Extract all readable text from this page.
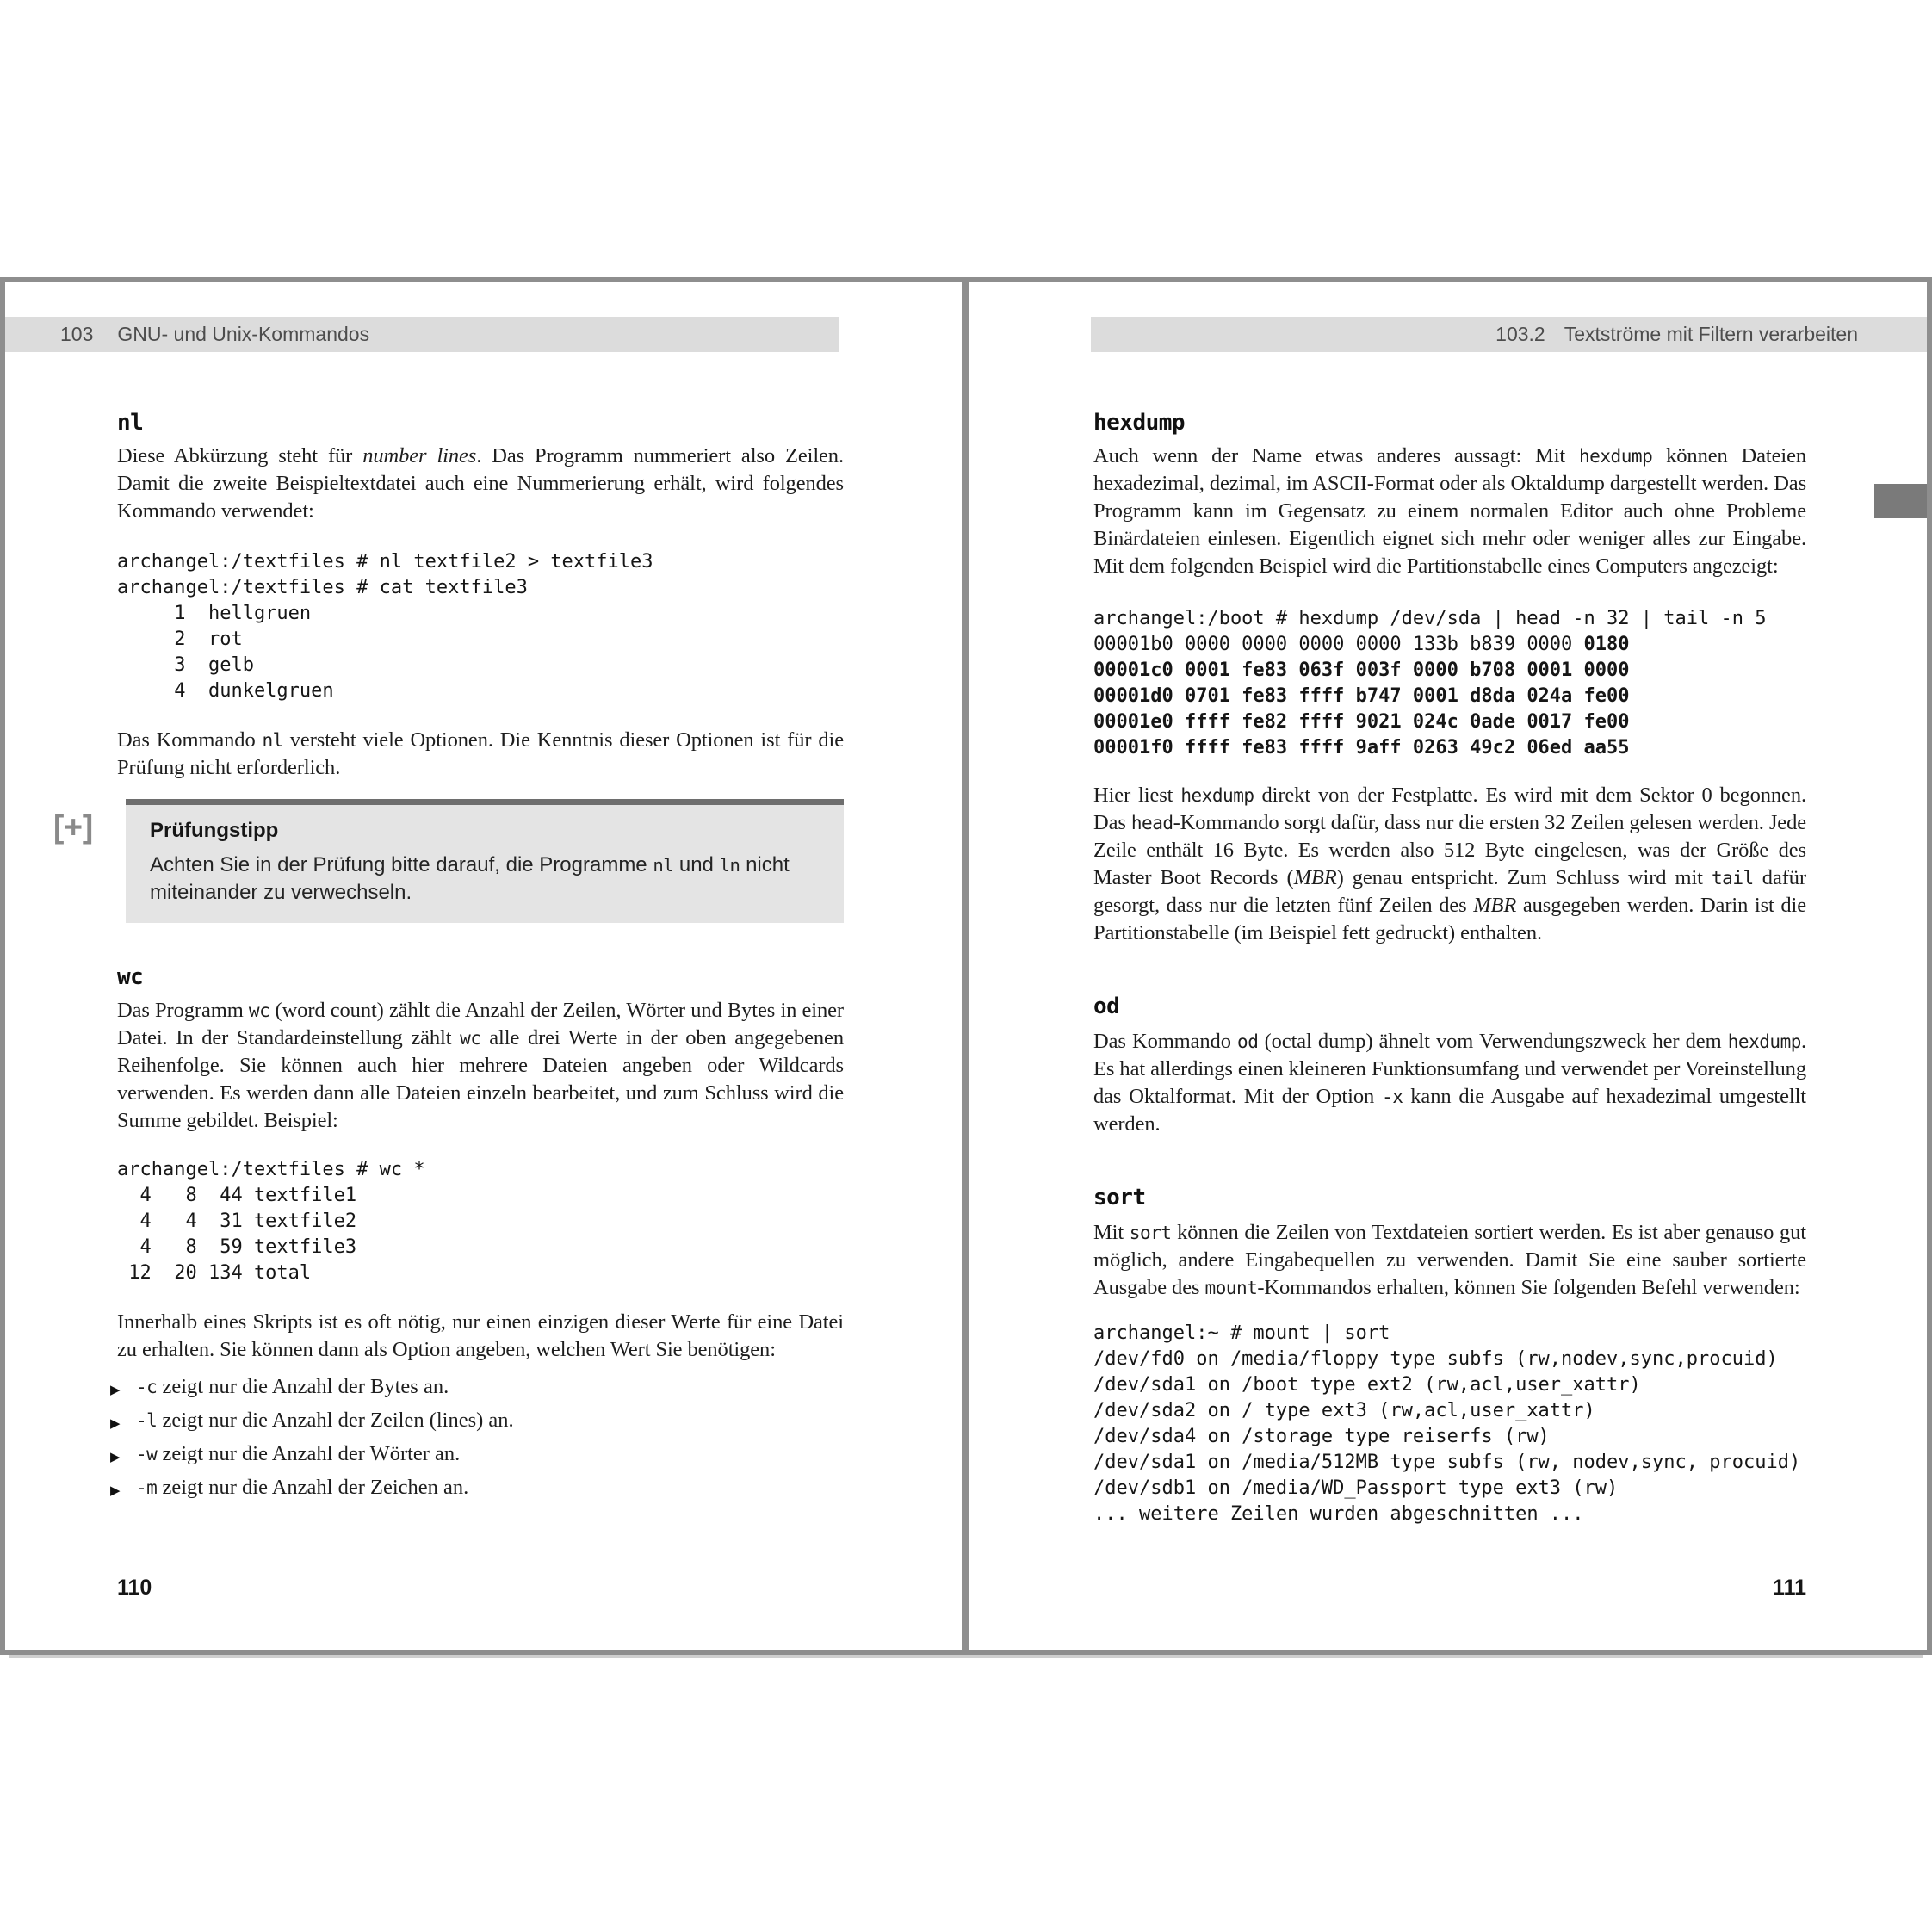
103 GNU- und Unix-Kommandos
nl

Diese Abkürzung steht für number lines. Das Programm nummeriert also Zeilen. Damit die zweite Beispieltextdatei auch eine Nummerierung erhält, wird folgendes Kommando verwendet:

archangel:/textfiles # nl textfile2 > textfile3
archangel:/textfiles # cat textfile3
1  hellgruen
2  rot
3  gelb
4  dunkelgruen

Das Kommando nl versteht viele Optionen. Die Kenntnis dieser Optionen ist für die Prüfung nicht erforderlich.

[+]	Prüfungstipp

Achten Sie in der Prüfung bitte darauf, die Programme nl und ln nicht miteinander zu verwechseln.

wc

Das Programm wc (word count) zählt die Anzahl der Zeilen, Wörter und Bytes in einer Datei. In der Standardeinstellung zählt wc alle drei Werte in der oben angegebenen Reihenfolge. Sie können auch hier mehrere Dateien angeben oder Wildcards verwenden. Es werden dann alle Dateien einzeln bearbeitet, und zum Schluss wird die Summe gebildet. Beispiel:

archangel:/textfiles # wc *
4   8  44 textfile1
4   4  31 textfile2
4   8  59 textfile3
12  20 134 total

Innerhalb eines Skripts ist es oft nötig, nur einen einzigen dieser Werte für eine Datei zu erhalten. Sie können dann als Option angeben, welchen Wert Sie benötigen:

▶ -c zeigt nur die Anzahl der Bytes an.
▶ -l zeigt nur die Anzahl der Zeilen (lines) an.
▶ -w zeigt nur die Anzahl der Wörter an.
▶ -m zeigt nur die Anzahl der Zeichen an.
110
103.2 Textströme mit Filtern verarbeiten
hexdump

Auch wenn der Name etwas anderes aussagt: Mit hexdump können Dateien hexadezimal, dezimal, im ASCII-Format oder als Oktaldump dargestellt werden. Das Programm kann im Gegensatz zu einem normalen Editor auch ohne Probleme Binärdateien einlesen. Eigentlich eignet sich mehr oder weniger alles zur Eingabe. Mit dem folgenden Beispiel wird die Partitionstabelle eines Computers angezeigt:

archangel:/boot # hexdump /dev/sda | head -n 32 | tail -n 5
00001b0 0000 0000 0000 0000 133b b839 0000 0180
00001c0 0001 fe83 063f 003f 0000 b708 0001 0000
00001d0 0701 fe83 ffff b747 0001 d8da 024a fe00
00001e0 ffff fe82 ffff 9021 024c 0ade 0017 fe00
00001f0 ffff fe83 ffff 9aff 0263 49c2 06ed aa55

Hier liest hexdump direkt von der Festplatte. Es wird mit dem Sektor 0 begonnen. Das head-Kommando sorgt dafür, dass nur die ersten 32 Zeilen gelesen werden. Jede Zeile enthält 16 Byte. Es werden also 512 Byte eingelesen, was der Größe des Master Boot Records (MBR) genau entspricht. Zum Schluss wird mit tail dafür gesorgt, dass nur die letzten fünf Zeilen des MBR ausgegeben werden. Darin ist die Partitionstabelle (im Beispiel fett gedruckt) enthalten.

od

Das Kommando od (octal dump) ähnelt vom Verwendungszweck her dem hexdump. Es hat allerdings einen kleineren Funktionsumfang und verwendet per Voreinstellung das Oktalformat. Mit der Option -x kann die Ausgabe auf hexadezimal umgestellt werden.

sort

Mit sort können die Zeilen von Textdateien sortiert werden. Es ist aber genauso gut möglich, andere Eingabequellen zu verwenden. Damit Sie eine sauber sortierte Ausgabe des mount-Kommandos erhalten, können Sie folgenden Befehl verwenden:

archangel:~ # mount | sort
/dev/fd0 on /media/floppy type subfs (rw,nodev,sync,procuid)
/dev/sda1 on /boot type ext2 (rw,acl,user_xattr)
/dev/sda2 on / type ext3 (rw,acl,user_xattr)
/dev/sda4 on /storage type reiserfs (rw)
/dev/sda1 on /media/512MB type subfs (rw, nodev,sync, procuid)
/dev/sdb1 on /media/WD_Passport type ext3 (rw)
... weitere Zeilen wurden abgeschnitten ...
111
